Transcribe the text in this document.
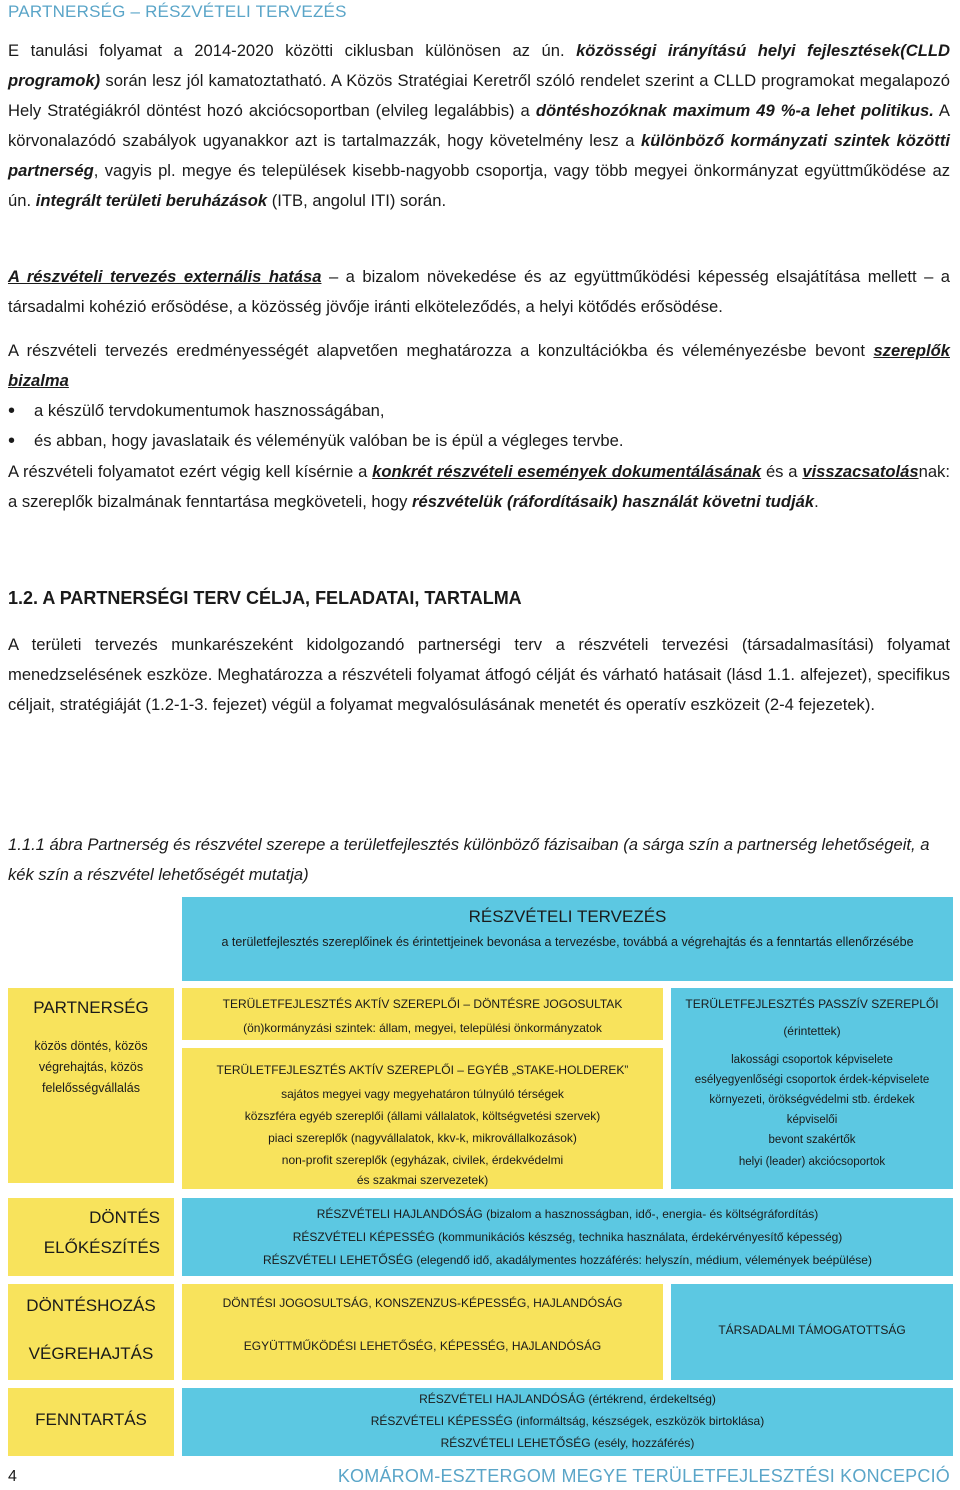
PARTNERSÉG – RÉSZVÉTELI TERVEZÉS
E tanulási folyamat a 2014-2020 közötti ciklusban különösen az ún. közösségi irányítású helyi fejlesztések(CLLD programok) során lesz jól kamatoztatható. A Közös Stratégiai Keretről szóló rendelet szerint a CLLD programokat megalapozó Hely Stratégiákról döntést hozó akciócsoportban (elvileg legalábbis) a döntéshozóknak maximum 49 %-a lehet politikus. A körvonalazódó szabályok ugyanakkor azt is tartalmazzák, hogy követelmény lesz a különböző kormányzati szintek közötti partnerség, vagyis pl. megye és települések kisebb-nagyobb csoportja, vagy több megyei önkormányzat együttműködése az ún. integrált területi beruházások (ITB, angolul ITI) során.
A részvételi tervezés externális hatása – a bizalom növekedése és az együttműködési képesség elsajátítása mellett – a társadalmi kohézió erősödése, a közösség jövője iránti elköteleződés, a helyi kötődés erősödése.
A részvételi tervezés eredményességét alapvetően meghatározza a konzultációkba és véleményezésbe bevont szereplők bizalma
• a készülő tervdokumentumok hasznosságában,
• és abban, hogy javaslataik és véleményük valóban be is épül a végleges tervbe.
A részvételi folyamatot ezért végig kell kísérnie a konkrét részvételi események dokumentálásának és a visszacsatolásnak: a szereplők bizalmának fenntartása megköveteli, hogy részvételük (ráfordításaik) használát követni tudják.
1.2. A PARTNERSÉGI TERV CÉLJA, FELADATAI, TARTALMA
A területi tervezés munkarészeként kidolgozandó partnerségi terv a részvételi tervezési (társadalmasítási) folyamat menedzselésének eszköze. Meghatározza a részvételi folyamat átfogó célját és várható hatásait (lásd 1.1. alfejezet), specifikus céljait, stratégiáját (1.2-1-3. fejezet) végül a folyamat megvalósulásának menetét és operatív eszközeit (2-4 fejezetek).
1.1.1 ábra Partnerség és részvétel szerepe a területfejlesztés különböző fázisaiban (a sárga szín a partnerség lehetőségeit, a kék szín a részvétel lehetőségét mutatja)
RÉSZVÉTELI TERVEZÉS
a területfejlesztés szereplőinek és érintettjeinek bevonása a tervezésbe, továbbá a végrehajtás és a fenntartás ellenőrzésébe
PARTNERSÉG
közös döntés, közös végrehajtás, közös felelősségvállalás
TERÜLETFEJLESZTÉS AKTÍV SZEREPLŐI – DÖNTÉSRE JOGOSULTAK
(ön)kormányzási szintek: állam, megyei, települési önkormányzatok
TERÜLETFEJLESZTÉS AKTÍV SZEREPLŐI – EGYÉB „STAKE-HOLDEREK”
sajátos megyei vagy megyehatáron túlnyúló térségek
közszféra egyéb szereplői (állami vállalatok, költségvetési szervek)
piaci szereplők (nagyvállalatok, kkv-k, mikrovállalkozások)
non-profit szereplők (egyházak, civilek, érdekvédelmi
és szakmai szervezetek)
TERÜLETFEJLESZTÉS PASSZÍV SZEREPLŐI
(érintettek)
lakossági csoportok képviselete
esélyegyenlőségi csoportok érdek-képviselete
környezeti, örökségvédelmi stb. érdekek képviselői
bevont szakértők
helyi (leader) akciócsoportok
DÖNTÉS
ELŐKÉSZÍTÉS
RÉSZVÉTELI HAJLANDÓSÁG (bizalom a hasznosságban, idő-, energia- és költségráfordítás)
RÉSZVÉTELI KÉPESSÉG (kommunikációs készség, technika használata, érdekérvényesítő képesség)
RÉSZVÉTELI LEHETŐSÉG (elegendő idő, akadálymentes hozzáférés: helyszín, médium, vélemények beépülése)
DÖNTÉSHOZÁS
VÉGREHAJTÁS
DÖNTÉSI JOGOSULTSÁG, KONSZENZUS-KÉPESSÉG, HAJLANDÓSÁG
EGYÜTTMŰKÖDÉSI LEHETŐSÉG, KÉPESSÉG, HAJLANDÓSÁG
TÁRSADALMI TÁMOGATOTTSÁG
FENNTARTÁS
RÉSZVÉTELI HAJLANDÓSÁG (értékrend, érdekeltség)
RÉSZVÉTELI KÉPESSÉG (informáltság, készségek, eszközök birtoklása)
RÉSZVÉTELI LEHETŐSÉG (esély, hozzáférés)
4	KOMÁROM-ESZTERGOM MEGYE TERÜLETFEJLESZTÉSI KONCEPCIÓ
